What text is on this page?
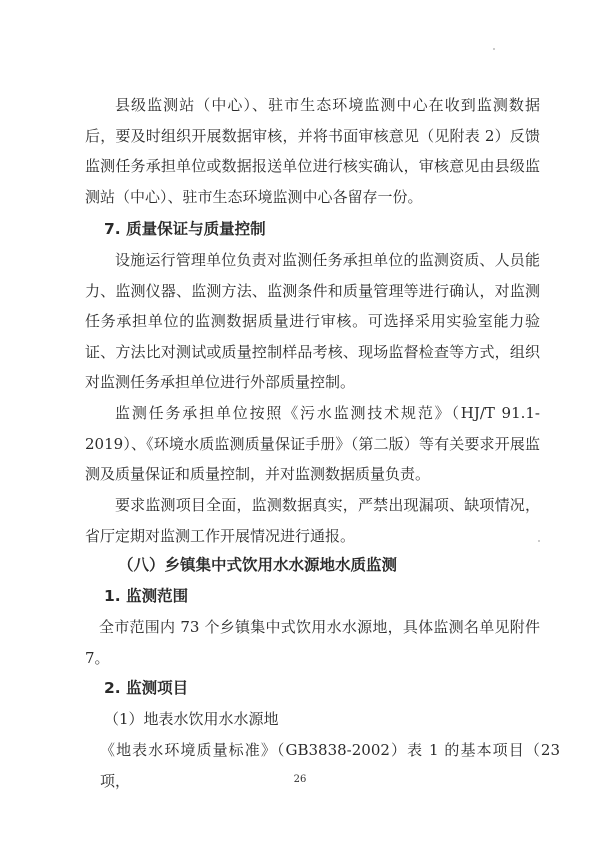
县级监测站（中心）、驻市生态环境监测中心在收到监测数据后，要及时组织开展数据审核，并将书面审核意见（见附表 2）反馈监测任务承担单位或数据报送单位进行核实确认，审核意见由县级监测站（中心）、驻市生态环境监测中心各留存一份。

7. 质量保证与质量控制

设施运行管理单位负责对监测任务承担单位的监测资质、人员能力、监测仪器、监测方法、监测条件和质量管理等进行确认，对监测任务承担单位的监测数据质量进行审核。可选择采用实验室能力验证、方法比对测试或质量控制样品考核、现场监督检查等方式，组织对监测任务承担单位进行外部质量控制。

监测任务承担单位按照《污水监测技术规范》（HJ/T 91.1-2019）、《环境水质监测质量保证手册》（第二版）等有关要求开展监测及质量保证和质量控制，并对监测数据质量负责。

要求监测项目全面，监测数据真实，严禁出现漏项、缺项情况，省厅定期对监测工作开展情况进行通报。

（八）乡镇集中式饮用水水源地水质监测

1. 监测范围

全市范围内 73 个乡镇集中式饮用水水源地，具体监测名单见附件 7。

2. 监测项目

（1）地表水饮用水水源地

《地表水环境质量标准》（GB3838-2002）表 1 的基本项目（23 项，	26
